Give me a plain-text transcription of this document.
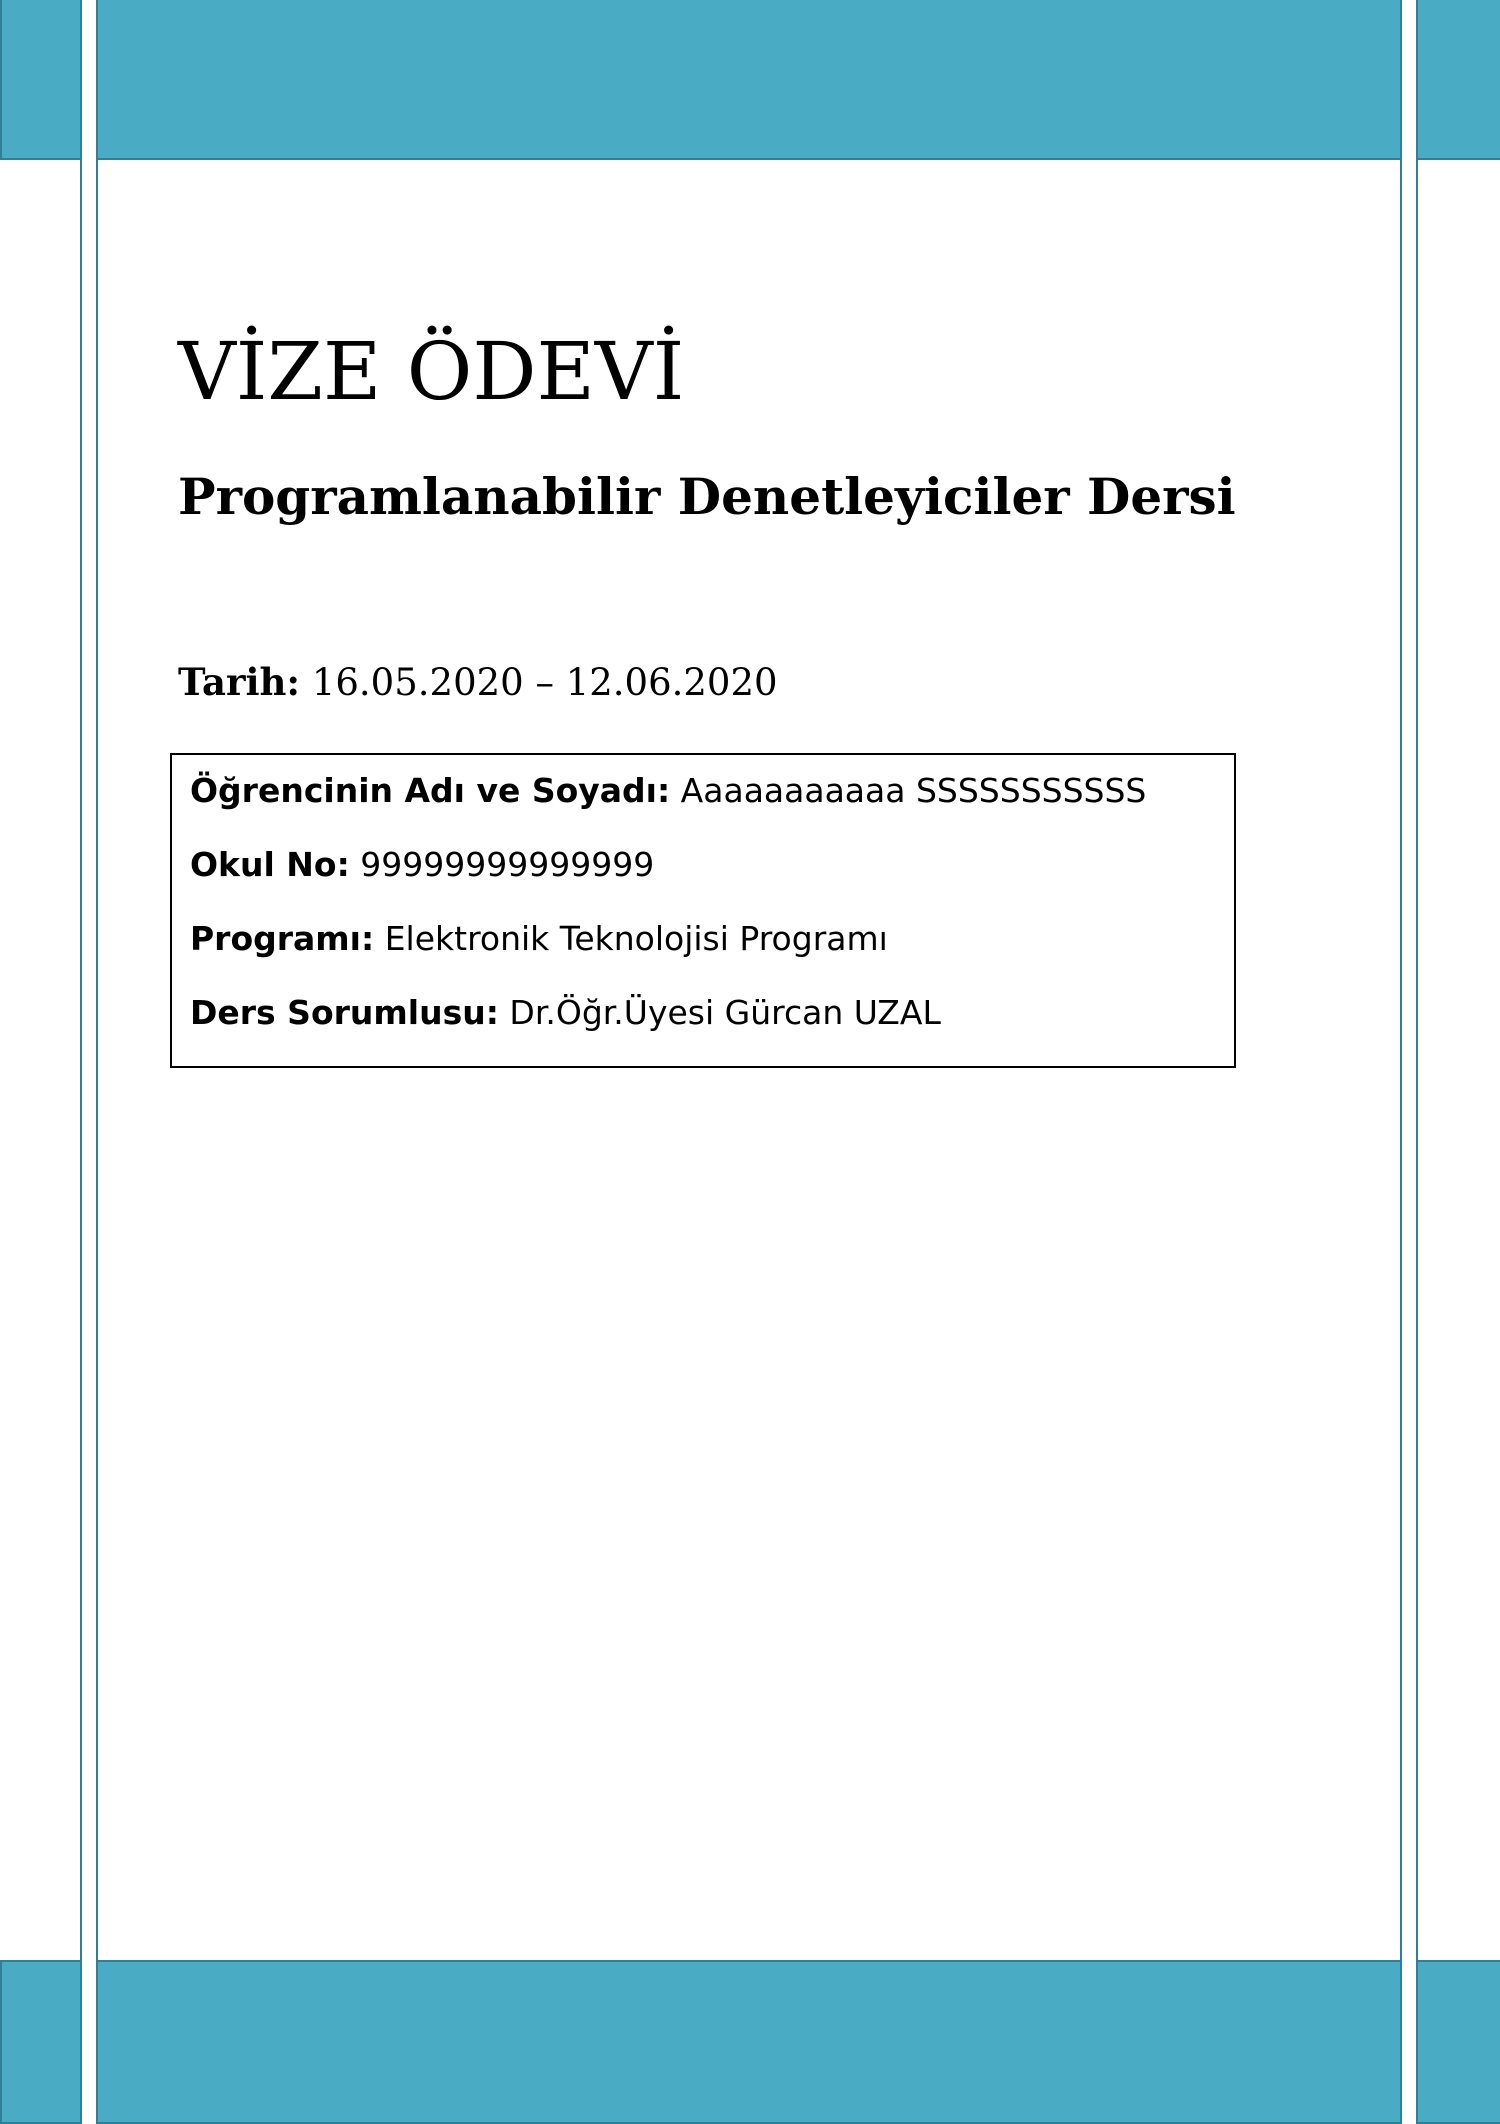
VİZE ÖDEVİ
Programlanabilir Denetleyiciler Dersi

Tarih: 16.05.2020 – 12.06.2020

Öğrencinin Adı ve Soyadı: Aaaaaaaaaaa SSSSSSSSSSS

Okul No: 99999999999999

Programı: Elektronik Teknolojisi Programı

Ders Sorumlusu: Dr.Öğr.Üyesi Gürcan UZAL
